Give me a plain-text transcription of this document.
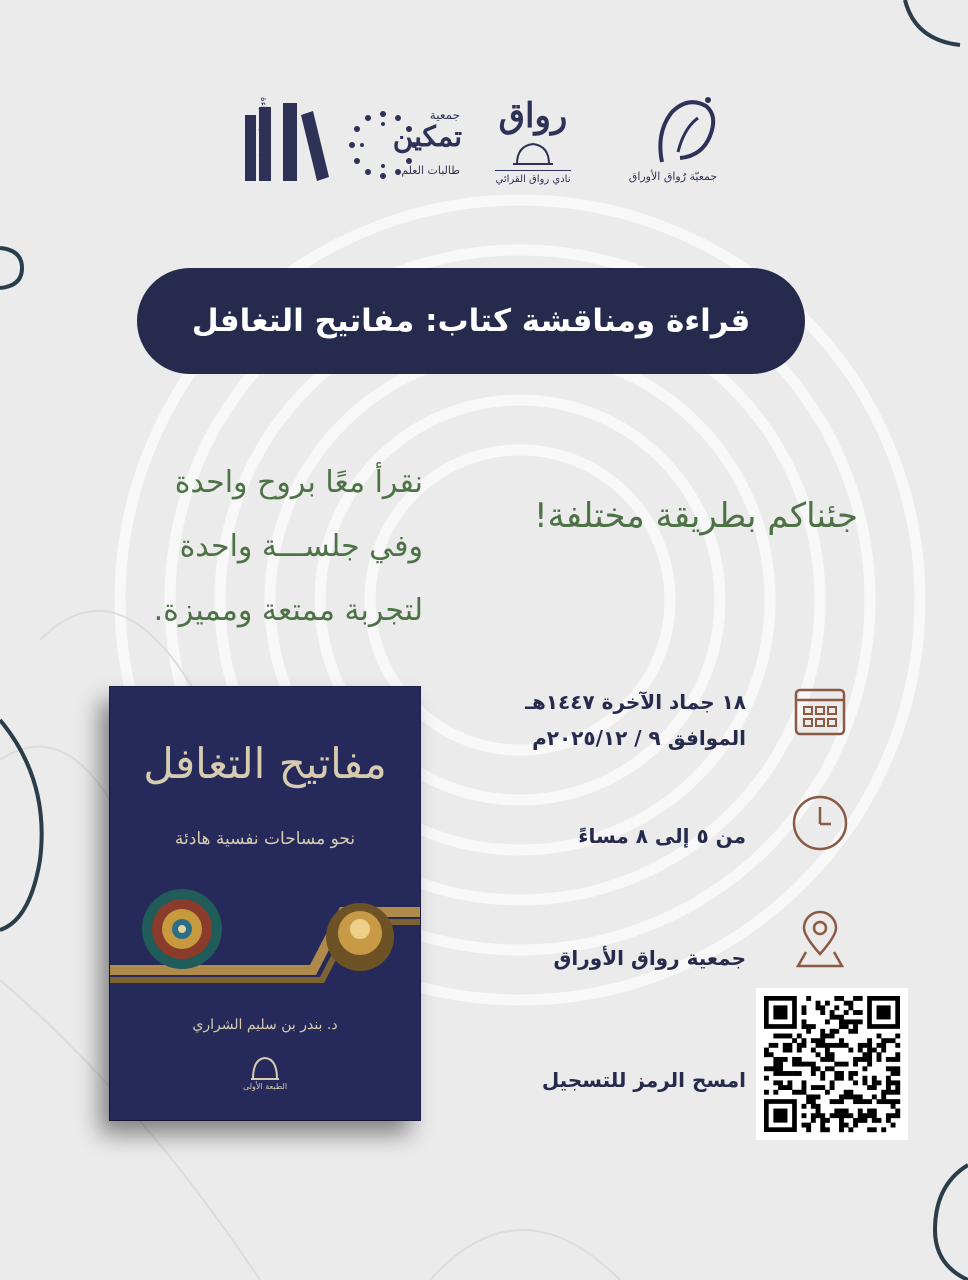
نادي تمكين للقراءة	جمعية
تمكين
طالبات العلم
رواق
نادي رواق القرائي	جمعيّة رُواق الأوراق
قراءة ومناقشة كتاب: مفاتيح التغافل
جئناكم بطريقة مختلفة!
نقرأ معًا بروح واحدة
وفي جلســـة واحدة
لتجربة ممتعة ومميزة.
مفاتيح التغافل
نحو مساحات نفسية هادئة
د. بندر بن سليم الشراري
الطبعة الأولى
١٨ جماد الآخرة ١٤٤٧هـ
الموافق ٩ / ٢٠٢٥/١٢م
من ٥ إلى ٨ مساءً
جمعية رواق الأوراق
امسح الرمز للتسجيل
